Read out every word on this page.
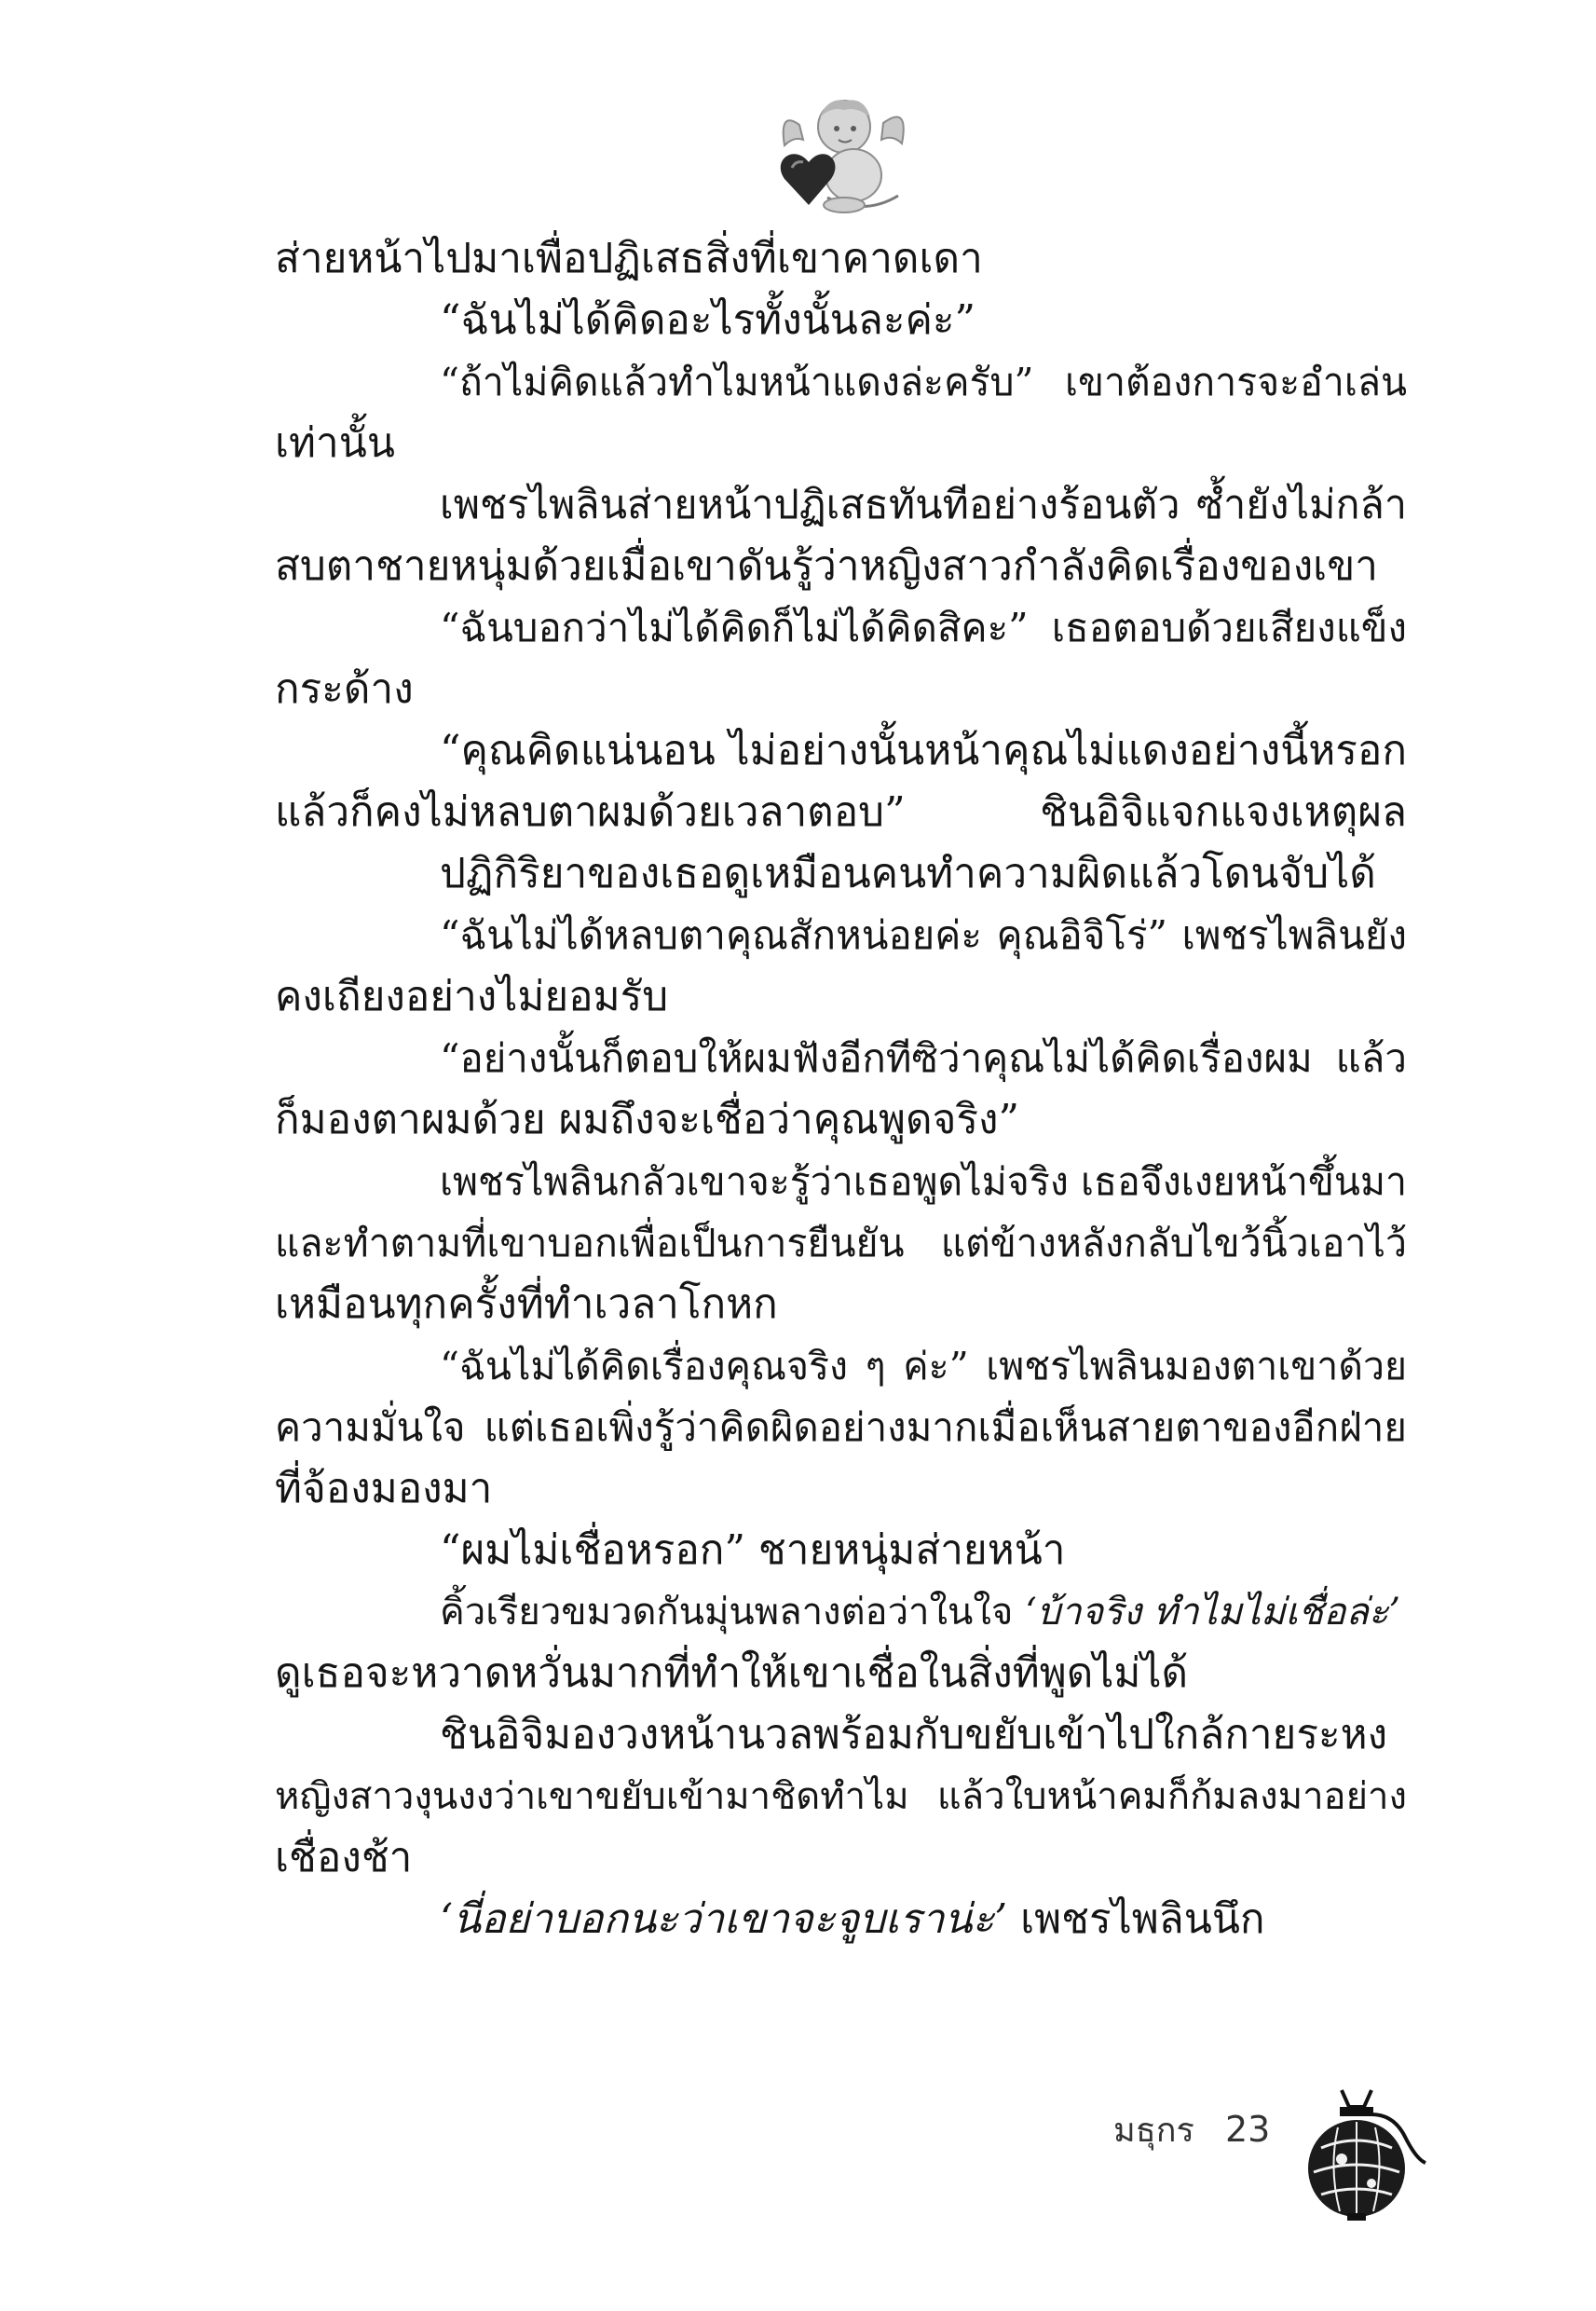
ส่ายหน้าไปมาเพื่อปฏิเสธสิ่งที่เขาคาดเดา
“ฉันไม่ได้คิดอะไรทั้งนั้นละค่ะ”
“ถ้าไม่คิดแล้วทำไมหน้าแดงล่ะครับ” เขาต้องการจะอำเล่น
เท่านั้น
เพชรไพลินส่ายหน้าปฏิเสธทันทีอย่างร้อนตัว ซ้ำยังไม่กล้า
สบตาชายหนุ่มด้วยเมื่อเขาดันรู้ว่าหญิงสาวกำลังคิดเรื่องของเขา
“ฉันบอกว่าไม่ได้คิดก็ไม่ได้คิดสิคะ” เธอตอบด้วยเสียงแข็ง
กระด้าง
“คุณคิดแน่นอน ไม่อย่างนั้นหน้าคุณไม่แดงอย่างนี้หรอก
แล้วก็คงไม่หลบตาผมด้วยเวลาตอบ” ชินอิจิแจกแจงเหตุผล
ปฏิกิริยาของเธอดูเหมือนคนทำความผิดแล้วโดนจับได้
“ฉันไม่ได้หลบตาคุณสักหน่อยค่ะ คุณอิจิโร่” เพชรไพลินยัง
คงเถียงอย่างไม่ยอมรับ
“อย่างนั้นก็ตอบให้ผมฟังอีกทีซิว่าคุณไม่ได้คิดเรื่องผม แล้ว
ก็มองตาผมด้วย ผมถึงจะเชื่อว่าคุณพูดจริง”
เพชรไพลินกลัวเขาจะรู้ว่าเธอพูดไม่จริง เธอจึงเงยหน้าขึ้นมา
และทำตามที่เขาบอกเพื่อเป็นการยืนยัน แต่ข้างหลังกลับไขว้นิ้วเอาไว้
เหมือนทุกครั้งที่ทำเวลาโกหก
“ฉันไม่ได้คิดเรื่องคุณจริง ๆ ค่ะ” เพชรไพลินมองตาเขาด้วย
ความมั่นใจ แต่เธอเพิ่งรู้ว่าคิดผิดอย่างมากเมื่อเห็นสายตาของอีกฝ่าย
ที่จ้องมองมา
“ผมไม่เชื่อหรอก” ชายหนุ่มส่ายหน้า
คิ้วเรียวขมวดกันมุ่นพลางต่อว่าในใจ ‘บ้าจริง ทำไมไม่เชื่อล่ะ’
ดูเธอจะหวาดหวั่นมากที่ทำให้เขาเชื่อในสิ่งที่พูดไม่ได้
ชินอิจิมองวงหน้านวลพร้อมกับขยับเข้าไปใกล้กายระหง
หญิงสาวงุนงงว่าเขาขยับเข้ามาชิดทำไม แล้วใบหน้าคมก็ก้มลงมาอย่าง
เชื่องช้า
‘นี่อย่าบอกนะว่าเขาจะจูบเราน่ะ’ เพชรไพลินนึก
มธุกร 23
